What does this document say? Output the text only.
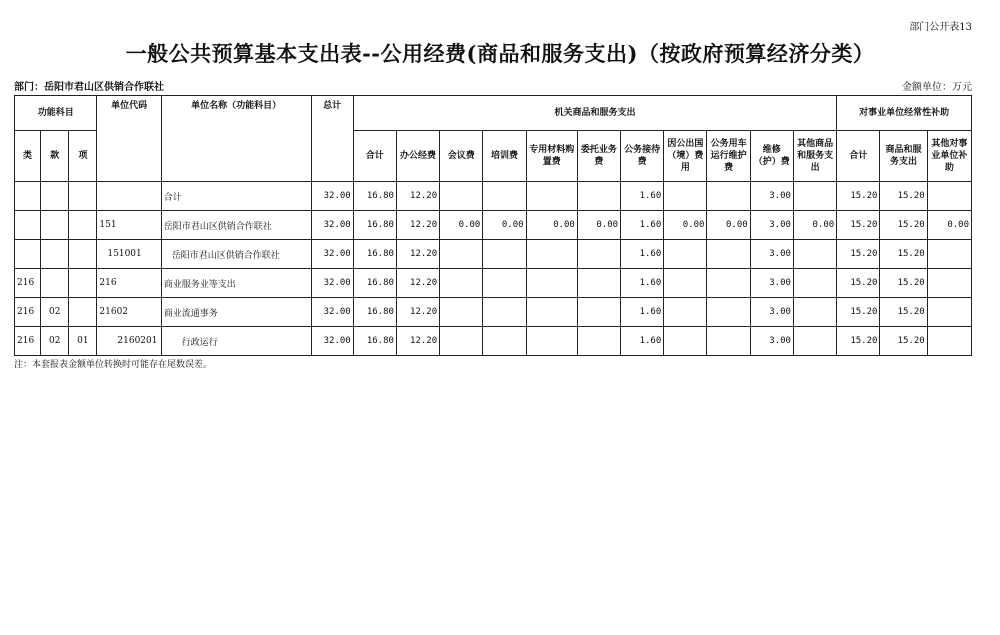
部门公开表13
一般公共预算基本支出表--公用经费(商品和服务支出)（按政府预算经济分类）
部门：岳阳市君山区供销合作联社	金额单位：万元
功能科目			单位代码	单位名称（功能科目）	总计	机关商品和服务支出											对事业单位经常性补助		
类	款	项				合计	办公经费	会议费	培训费	专用材料购置费	委托业务费	公务接待费	因公出国（境）费用	公务用车运行维护费	维修（护）费	其他商品和服务支出	合计	商品和服务支出	其他对事业单位补助
				合计	32.00	16.80	12.20					1.60			3.00		15.20	15.20	
			151	岳阳市君山区供销合作联社	32.00	16.80	12.20	0.00	0.00	0.00	0.00	1.60	0.00	0.00	3.00	0.00	15.20	15.20	0.00
			151001	岳阳市君山区供销合作联社	32.00	16.80	12.20					1.60			3.00		15.20	15.20	
216			216	商业服务业等支出	32.00	16.80	12.20					1.60			3.00		15.20	15.20	
216	02		21602	商业流通事务	32.00	16.80	12.20					1.60			3.00		15.20	15.20	
216	02	01	2160201	行政运行	32.00	16.80	12.20					1.60			3.00		15.20	15.20	
注：本套报表金额单位转换时可能存在尾数误差。
